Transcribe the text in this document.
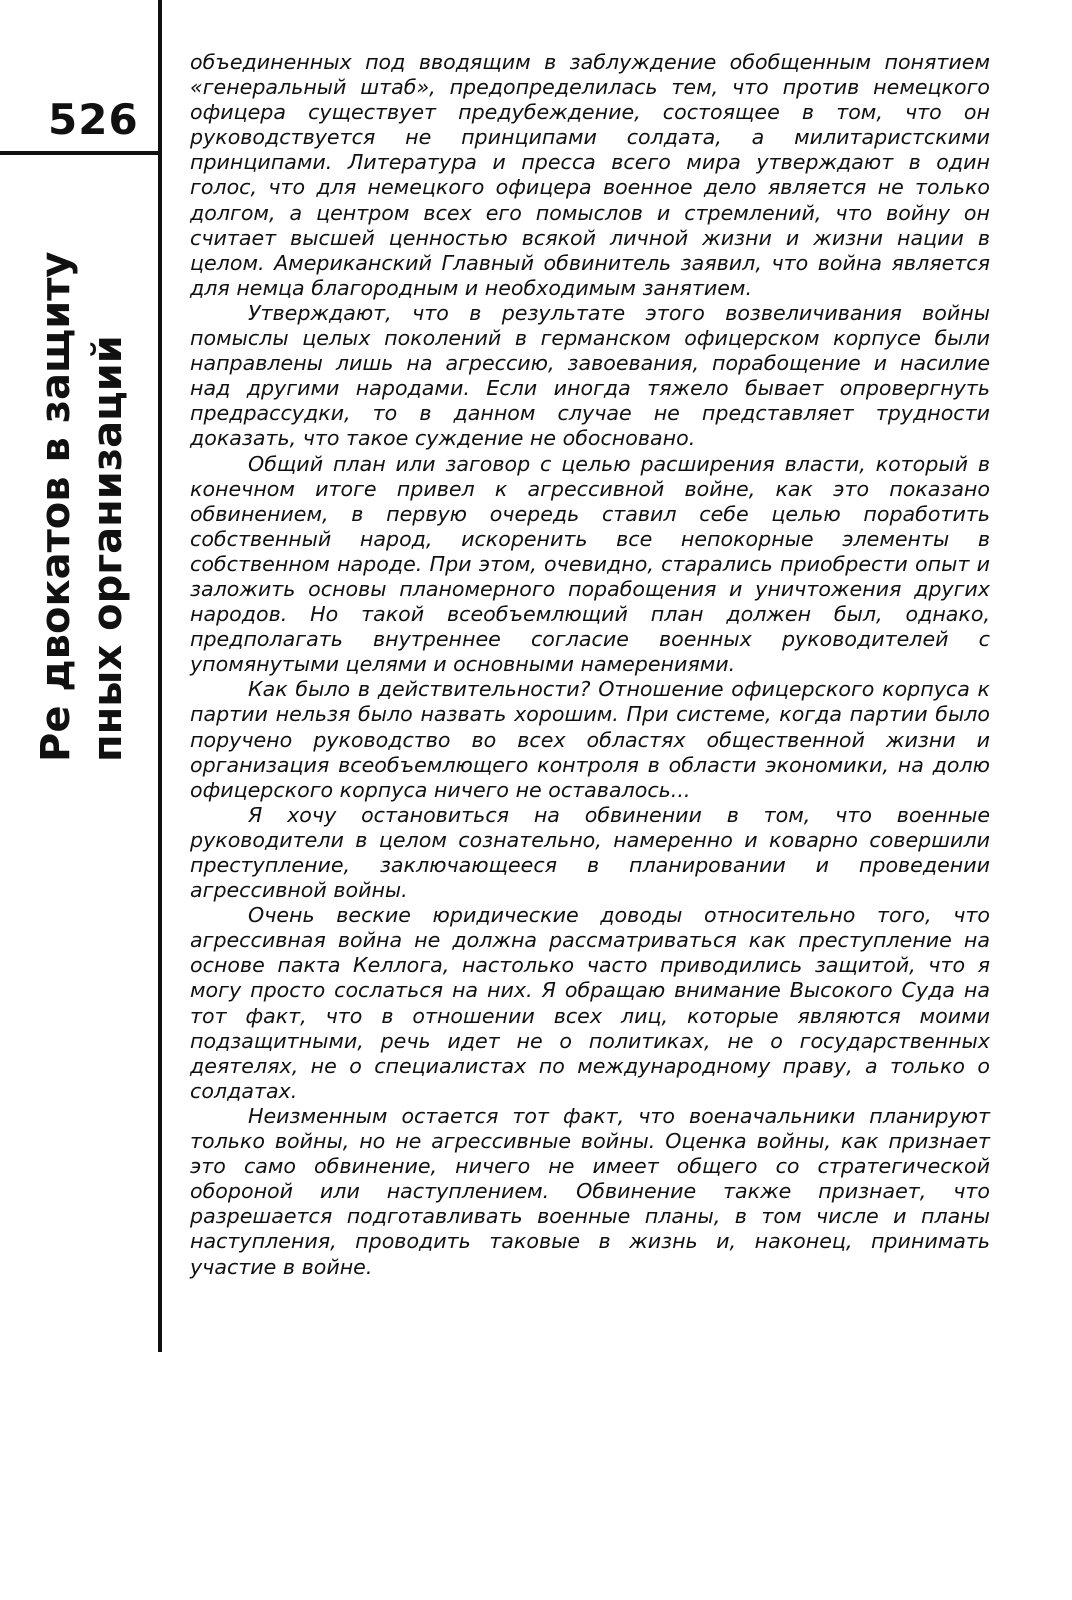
526
Ре двокатов в защиту пных организаций

объединенных под вводящим в заблуждение обобщенным понятием «генеральный штаб», предопределилась тем, что против немецкого офицера существует предубеждение, состоящее в том, что он руководствуется не принципами солдата, а милитаристскими принципами. Литература и пресса всего мира утверждают в один голос, что для немецкого офицера военное дело является не только долгом, а центром всех его помыслов и стремлений, что войну он считает высшей ценностью всякой личной жизни и жизни нации в целом. Американский Главный обвинитель заявил, что война является для немца благородным и необходимым занятием.

Утверждают, что в результате этого возвеличивания войны помыслы целых поколений в германском офицерском корпусе были направлены лишь на агрессию, завоевания, порабощение и насилие над другими народами. Если иногда тяжело бывает опровергнуть предрассудки, то в данном случае не представляет трудности доказать, что такое суждение не обосновано.

Общий план или заговор с целью расширения власти, который в конечном итоге привел к агрессивной войне, как это показано обвинением, в первую очередь ставил себе целью поработить собственный народ, искоренить все непокорные элементы в собственном народе. При этом, очевидно, старались приобрести опыт и заложить основы планомерного порабощения и уничтожения других народов. Но такой всеобъемлющий план должен был, однако, предполагать внутреннее согласие военных руководителей с упомянутыми целями и основными намерениями.

Как было в действительности? Отношение офицерского корпуса к партии нельзя было назвать хорошим. При системе, когда партии было поручено руководство во всех областях общественной жизни и организация всеобъемлющего контроля в области экономики, на долю офицерского корпуса ничего не оставалось...

Я хочу остановиться на обвинении в том, что военные руководители в целом сознательно, намеренно и коварно совершили преступление, заключающееся в планировании и проведении агрессивной войны.

Очень веские юридические доводы относительно того, что агрессивная война не должна рассматриваться как преступление на основе пакта Келлога, настолько часто приводились защитой, что я могу просто сослаться на них. Я обращаю внимание Высокого Суда на тот факт, что в отношении всех лиц, которые являются моими подзащитными, речь идет не о политиках, не о государственных деятелях, не о специалистах по международному праву, а только о солдатах.

Неизменным остается тот факт, что военачальники планируют только войны, но не агрессивные войны. Оценка войны, как признает это само обвинение, ничего не имеет общего со стратегической обороной или наступлением. Обвинение также признает, что разрешается подготавливать военные планы, в том числе и планы наступления, проводить таковые в жизнь и, наконец, принимать участие в войне.
